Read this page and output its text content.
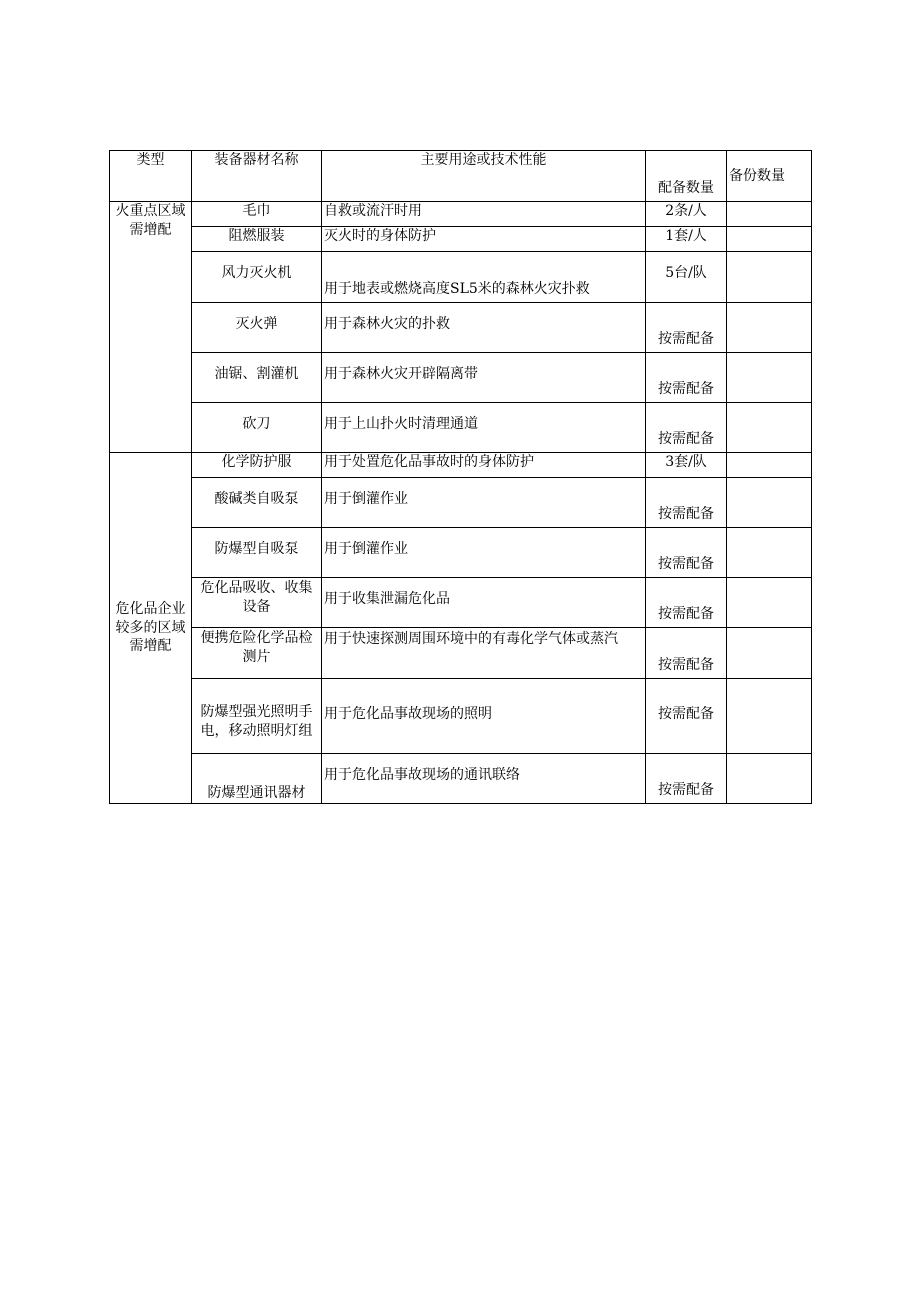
类型	装备器材名称	主要用途或技术性能	配备数量	备份数量
火重点区域需增配	毛巾	自救或流汗时用	2条/人	
	阻燃服装	灭火时的身体防护	1套/人	
	风力灭火机	用于地表或燃烧高度SL5米的森林火灾扑救	5台/队	
	灭火弹	用于森林火灾的扑救	按需配备	
	油锯、割灌机	用于森林火灾开辟隔离带	按需配备	
	砍刀	用于上山扑火时清理通道	按需配备	
危化品企业较多的区域需增配	化学防护服	用于处置危化品事故时的身体防护	3套/队	
	酸碱类自吸泵	用于倒灌作业	按需配备	
	防爆型自吸泵	用于倒灌作业	按需配备	
	危化品吸收、收集设备	用于收集泄漏危化品	按需配备	
	便携危险化学品检测片	用于快速探测周围环境中的有毒化学气体或蒸汽	按需配备	
	防爆型强光照明手电，移动照明灯组	用于危化品事故现场的照明	按需配备	
	防爆型通讯器材	用于危化品事故现场的通讯联络	按需配备	
